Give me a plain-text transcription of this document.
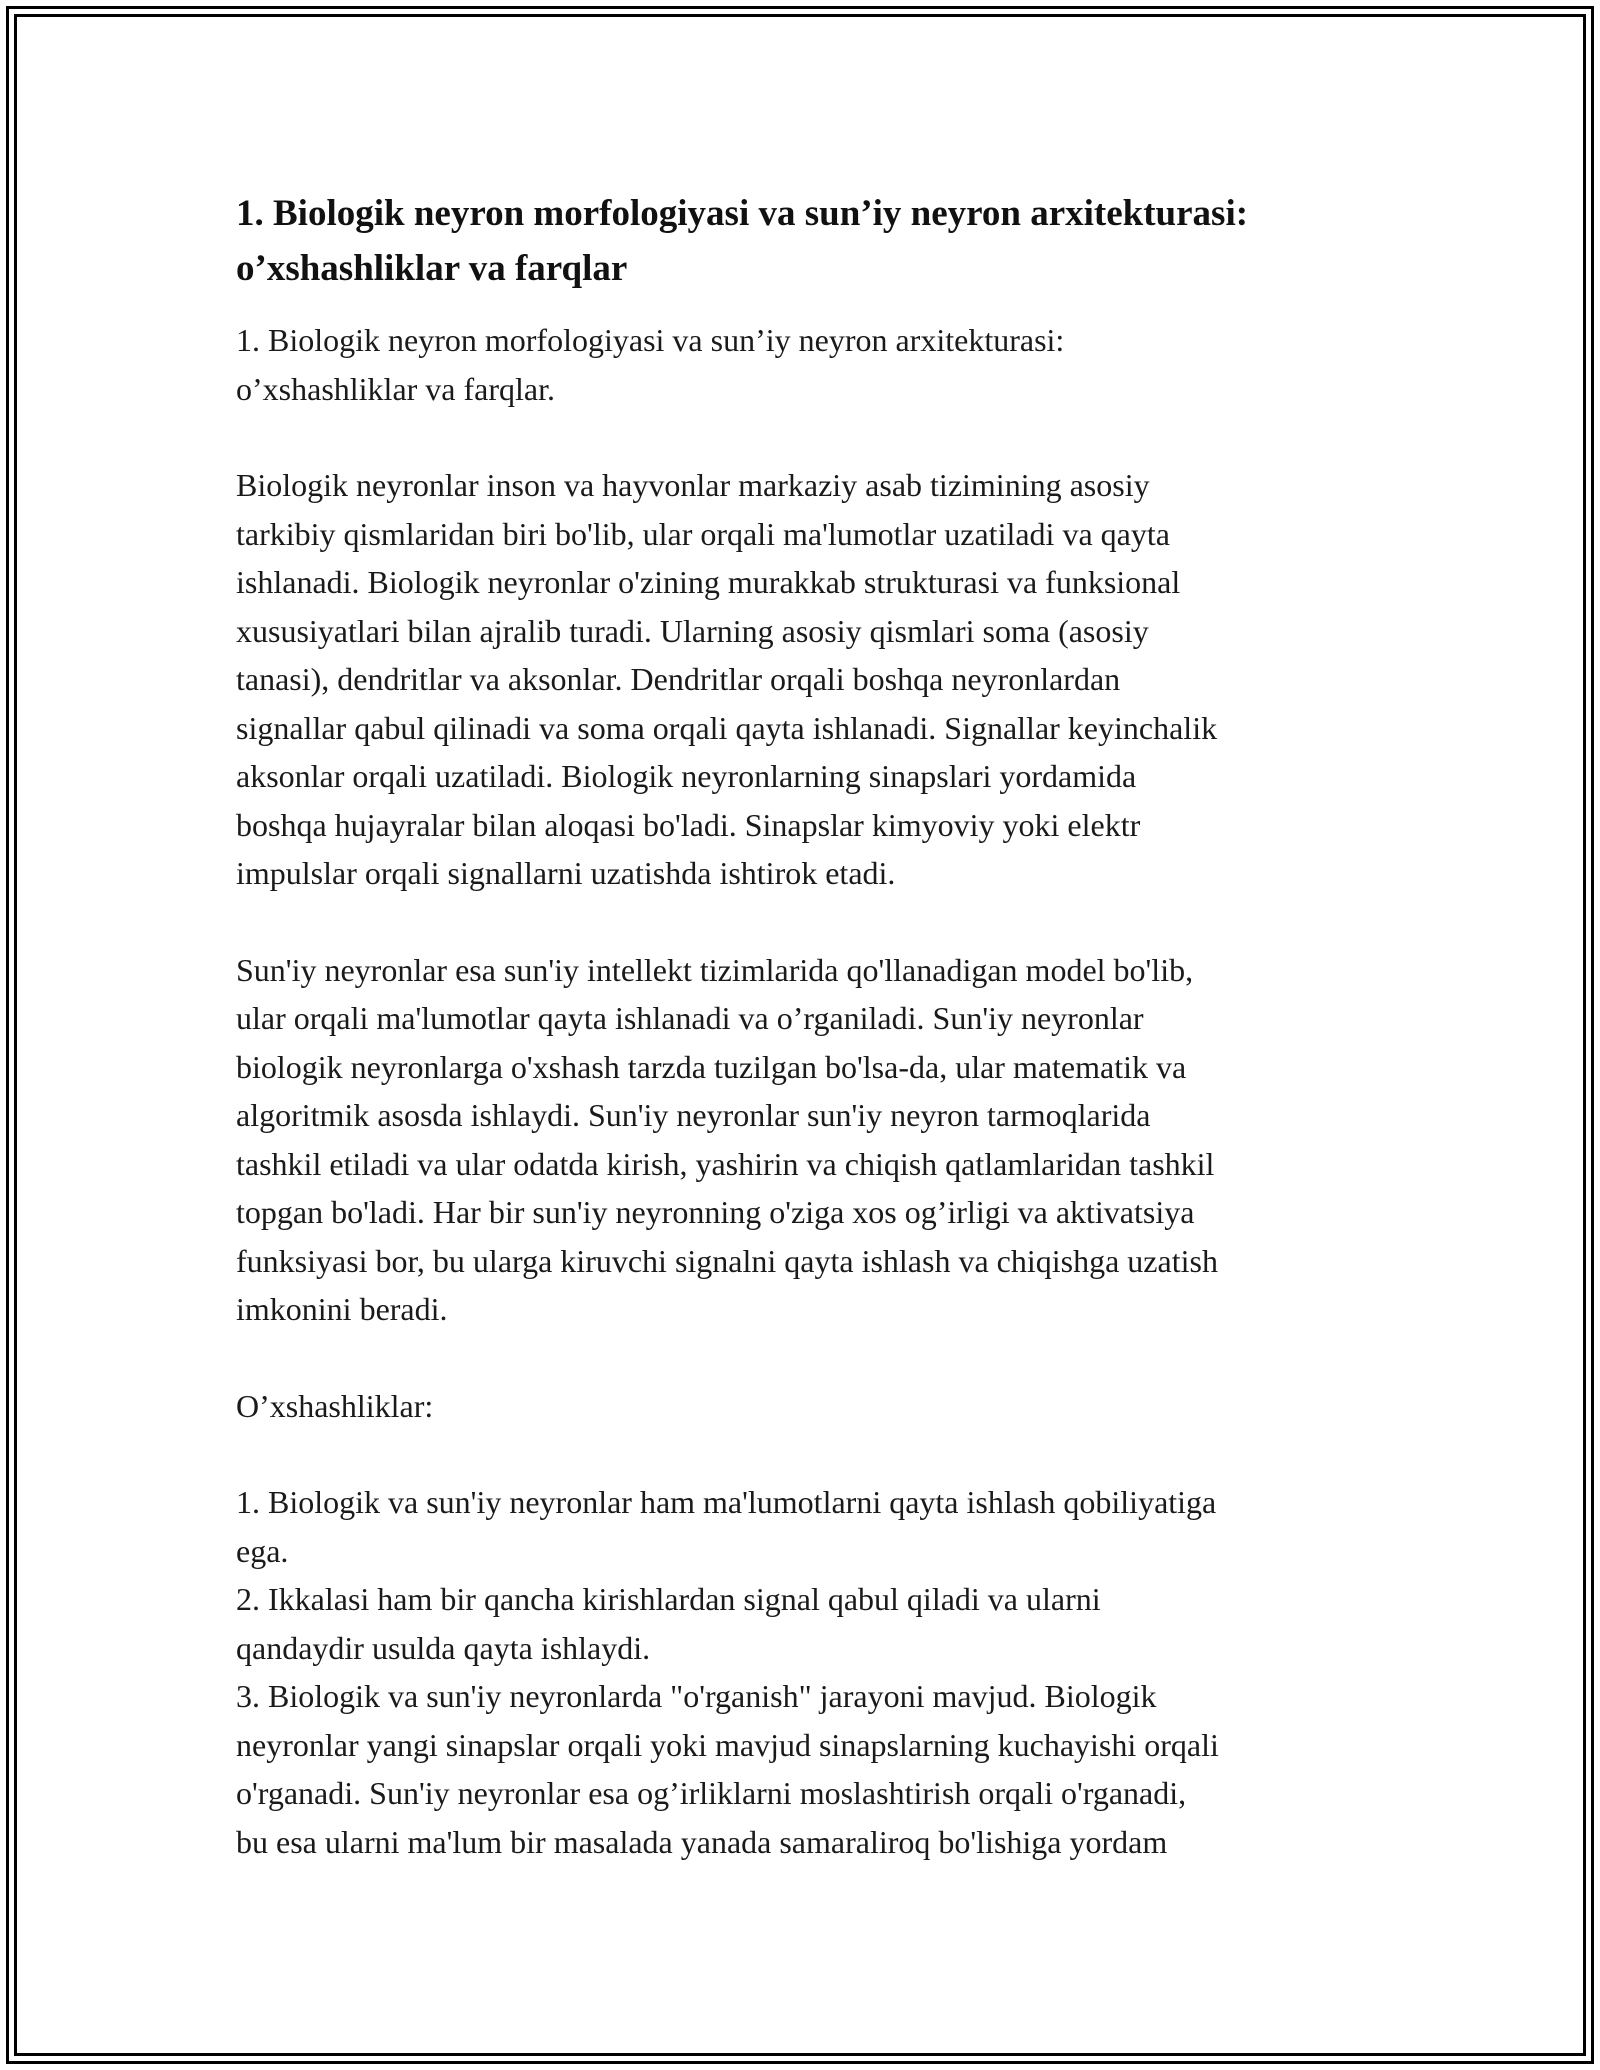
1. Biologik neyron morfologiyasi va sun’iy neyron arxitekturasi: o’xshashliklar va farqlar

1. Biologik neyron morfologiyasi va sun’iy neyron arxitekturasi:
o’xshashliklar va farqlar.

Biologik neyronlar inson va hayvonlar markaziy asab tizimining asosiy
tarkibiy qismlaridan biri bo'lib, ular orqali ma'lumotlar uzatiladi va qayta
ishlanadi. Biologik neyronlar o'zining murakkab strukturasi va funksional
xususiyatlari bilan ajralib turadi. Ularning asosiy qismlari soma (asosiy
tanasi), dendritlar va aksonlar. Dendritlar orqali boshqa neyronlardan
signallar qabul qilinadi va soma orqali qayta ishlanadi. Signallar keyinchalik
aksonlar orqali uzatiladi. Biologik neyronlarning sinapslari yordamida
boshqa hujayralar bilan aloqasi bo'ladi. Sinapslar kimyoviy yoki elektr
impulslar orqali signallarni uzatishda ishtirok etadi.

Sun'iy neyronlar esa sun'iy intellekt tizimlarida qo'llanadigan model bo'lib,
ular orqali ma'lumotlar qayta ishlanadi va o’rganiladi. Sun'iy neyronlar
biologik neyronlarga o'xshash tarzda tuzilgan bo'lsa-da, ular matematik va
algoritmik asosda ishlaydi. Sun'iy neyronlar sun'iy neyron tarmoqlarida
tashkil etiladi va ular odatda kirish, yashirin va chiqish qatlamlaridan tashkil
topgan bo'ladi. Har bir sun'iy neyronning o'ziga xos og’irligi va aktivatsiya
funksiyasi bor, bu ularga kiruvchi signalni qayta ishlash va chiqishga uzatish
imkonini beradi.

O’xshashliklar:

1. Biologik va sun'iy neyronlar ham ma'lumotlarni qayta ishlash qobiliyatiga
ega.
2. Ikkalasi ham bir qancha kirishlardan signal qabul qiladi va ularni
qandaydir usulda qayta ishlaydi.
3. Biologik va sun'iy neyronlarda "o'rganish" jarayoni mavjud. Biologik
neyronlar yangi sinapslar orqali yoki mavjud sinapslarning kuchayishi orqali
o'rganadi. Sun'iy neyronlar esa og’irliklarni moslashtirish orqali o'rganadi,
bu esa ularni ma'lum bir masalada yanada samaraliroq bo'lishiga yordam
